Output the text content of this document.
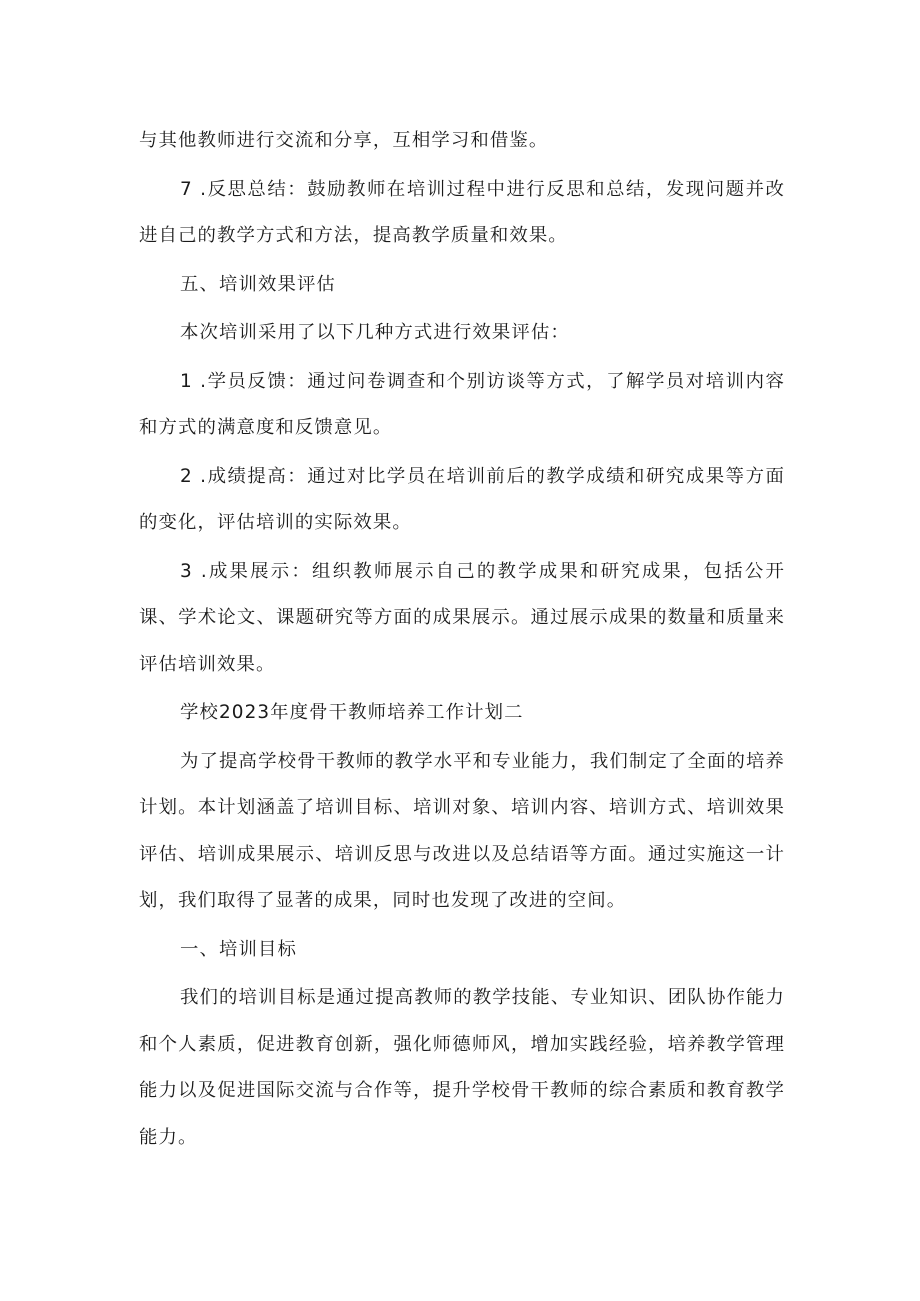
与其他教师进行交流和分享，互相学习和借鉴。

7 .反思总结：鼓励教师在培训过程中进行反思和总结，发现问题并改进自己的教学方式和方法，提高教学质量和效果。

五、培训效果评估

本次培训采用了以下几种方式进行效果评估：

1 .学员反馈：通过问卷调查和个别访谈等方式，了解学员对培训内容和方式的满意度和反馈意见。

2 .成绩提高：通过对比学员在培训前后的教学成绩和研究成果等方面的变化，评估培训的实际效果。

3 .成果展示：组织教师展示自己的教学成果和研究成果，包括公开课、学术论文、课题研究等方面的成果展示。通过展示成果的数量和质量来评估培训效果。

学校2023年度骨干教师培养工作计划二

为了提高学校骨干教师的教学水平和专业能力，我们制定了全面的培养计划。本计划涵盖了培训目标、培训对象、培训内容、培训方式、培训效果评估、培训成果展示、培训反思与改进以及总结语等方面。通过实施这一计划，我们取得了显著的成果，同时也发现了改进的空间。

一、培训目标

我们的培训目标是通过提高教师的教学技能、专业知识、团队协作能力和个人素质，促进教育创新，强化师德师风，增加实践经验，培养教学管理能力以及促进国际交流与合作等，提升学校骨干教师的综合素质和教育教学能力。
